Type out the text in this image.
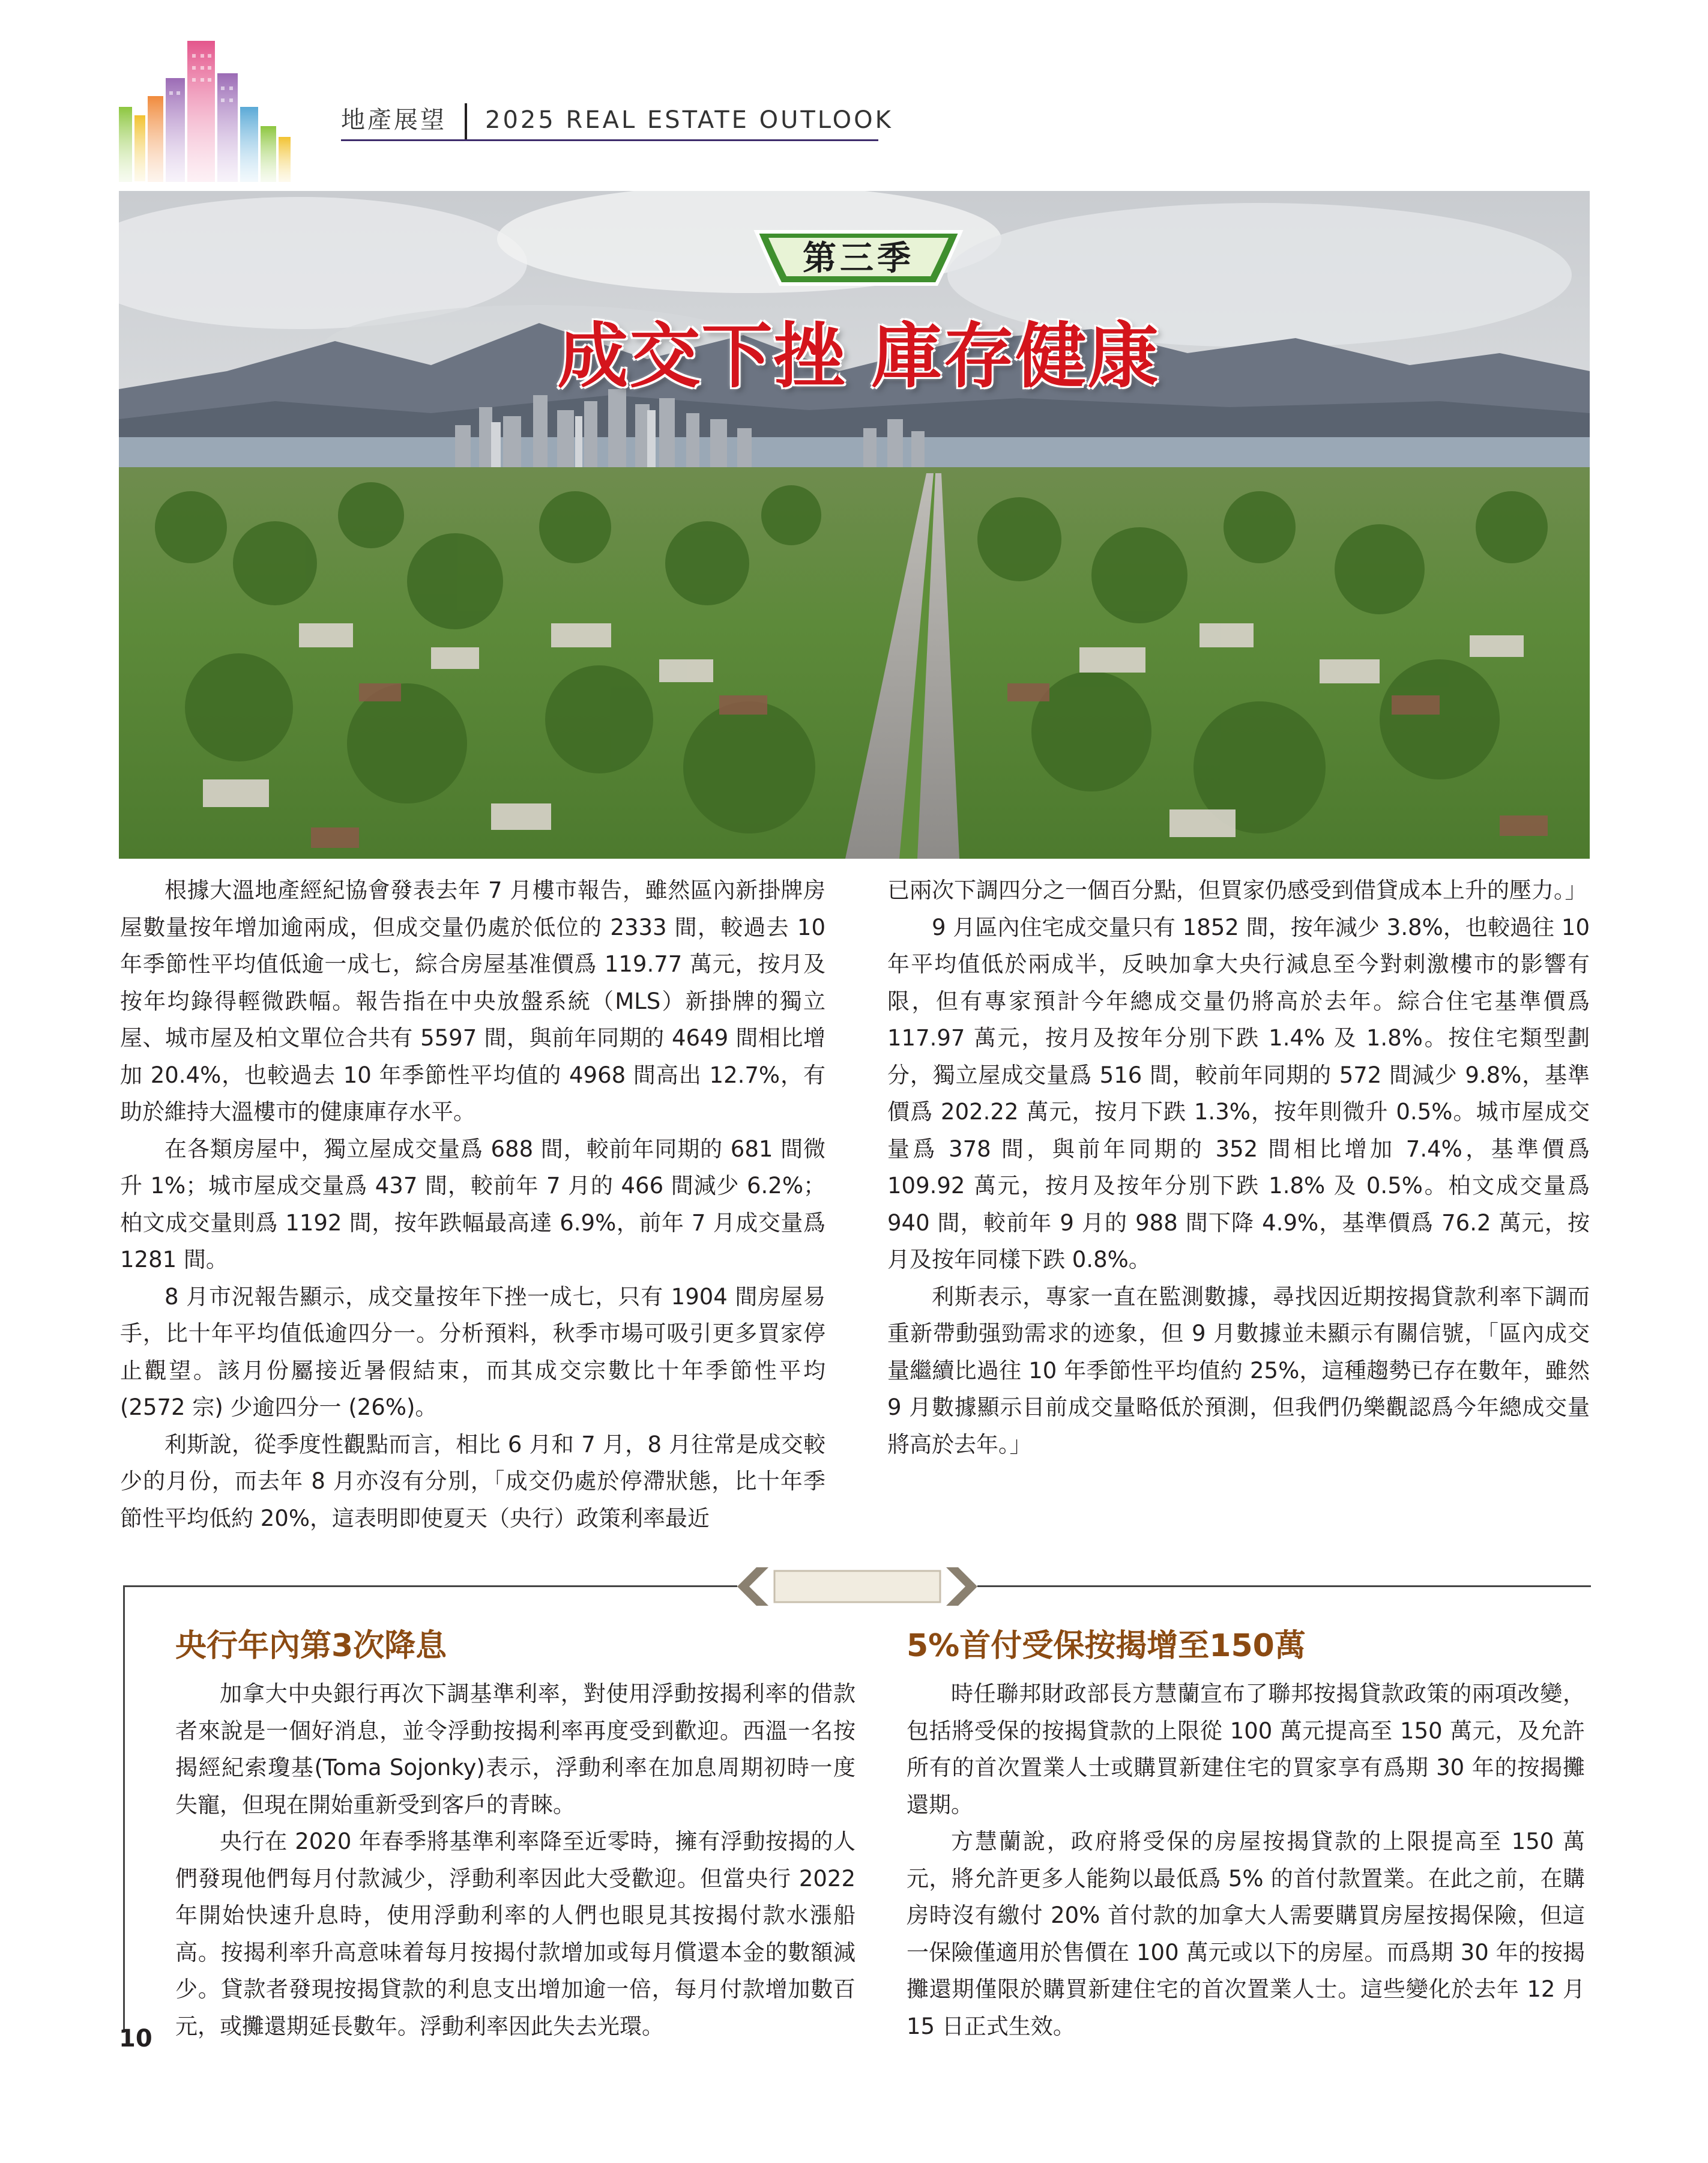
地產展望 2025 REAL ESTATE OUTLOOK
第三季
成交下挫 庫存健康

根據大溫地產經紀協會發表去年 7 月樓市報告，雖然區內新掛牌房屋數量按年增加逾兩成，但成交量仍處於低位的 2333 間，較過去 10 年季節性平均值低逾一成七，綜合房屋基准價爲 119.77 萬元，按月及按年均錄得輕微跌幅。報告指在中央放盤系統（MLS）新掛牌的獨立屋、城市屋及柏文單位合共有 5597 間，與前年同期的 4649 間相比增加 20.4%，也較過去 10 年季節性平均值的 4968 間高出 12.7%，有助於維持大溫樓市的健康庫存水平。

在各類房屋中，獨立屋成交量爲 688 間，較前年同期的 681 間微升 1%；城市屋成交量爲 437 間，較前年 7 月的 466 間減少 6.2%；柏文成交量則爲 1192 間，按年跌幅最高達 6.9%，前年 7 月成交量爲 1281 間。

8 月市況報告顯示，成交量按年下挫一成七，只有 1904 間房屋易手，比十年平均值低逾四分一。分析預料，秋季市場可吸引更多買家停止觀望。該月份屬接近暑假結束，而其成交宗數比十年季節性平均 (2572 宗) 少逾四分一 (26%)。

利斯說，從季度性觀點而言，相比 6 月和 7 月，8 月往常是成交較少的月份，而去年 8 月亦沒有分別，「成交仍處於停滯狀態，比十年季節性平均低約 20%，這表明即使夏天（央行）政策利率最近

已兩次下調四分之一個百分點，但買家仍感受到借貸成本上升的壓力。」

9 月區內住宅成交量只有 1852 間，按年減少 3.8%，也較過往 10 年平均值低於兩成半，反映加拿大央行減息至今對刺激樓市的影響有限，但有專家預計今年總成交量仍將高於去年。綜合住宅基準價爲 117.97 萬元，按月及按年分別下跌 1.4% 及 1.8%。按住宅類型劃分，獨立屋成交量爲 516 間，較前年同期的 572 間減少 9.8%，基準價爲 202.22 萬元，按月下跌 1.3%，按年則微升 0.5%。城市屋成交量爲 378 間，與前年同期的 352 間相比增加 7.4%，基準價爲 109.92 萬元，按月及按年分別下跌 1.8% 及 0.5%。柏文成交量爲 940 間，較前年 9 月的 988 間下降 4.9%，基準價爲 76.2 萬元，按月及按年同樣下跌 0.8%。

利斯表示，專家一直在監測數據，尋找因近期按揭貸款利率下調而重新帶動强勁需求的迹象，但 9 月數據並未顯示有關信號，「區內成交量繼續比過往 10 年季節性平均值約 25%，這種趨勢已存在數年，雖然 9 月數據顯示目前成交量略低於預測，但我們仍樂觀認爲今年總成交量將高於去年。」

央行年內第3次降息

加拿大中央銀行再次下調基準利率，對使用浮動按揭利率的借款者來說是一個好消息，並令浮動按揭利率再度受到歡迎。西溫一名按揭經紀索瓊基(Toma Sojonky)表示，浮動利率在加息周期初時一度失寵，但現在開始重新受到客戶的青睞。

央行在 2020 年春季將基準利率降至近零時，擁有浮動按揭的人們發現他們每月付款減少，浮動利率因此大受歡迎。但當央行 2022 年開始快速升息時，使用浮動利率的人們也眼見其按揭付款水漲船高。按揭利率升高意味着每月按揭付款增加或每月償還本金的數額減少。貸款者發現按揭貸款的利息支出增加逾一倍，每月付款增加數百元，或攤還期延長數年。浮動利率因此失去光環。

5%首付受保按揭增至150萬

時任聯邦財政部長方慧蘭宣布了聯邦按揭貸款政策的兩項改變，包括將受保的按揭貸款的上限從 100 萬元提高至 150 萬元，及允許所有的首次置業人士或購買新建住宅的買家享有爲期 30 年的按揭攤還期。

方慧蘭說，政府將受保的房屋按揭貸款的上限提高至 150 萬元，將允許更多人能夠以最低爲 5% 的首付款置業。在此之前，在購房時沒有繳付 20% 首付款的加拿大人需要購買房屋按揭保險，但這一保險僅適用於售價在 100 萬元或以下的房屋。而爲期 30 年的按揭攤還期僅限於購買新建住宅的首次置業人士。這些變化於去年 12 月 15 日正式生效。

10
